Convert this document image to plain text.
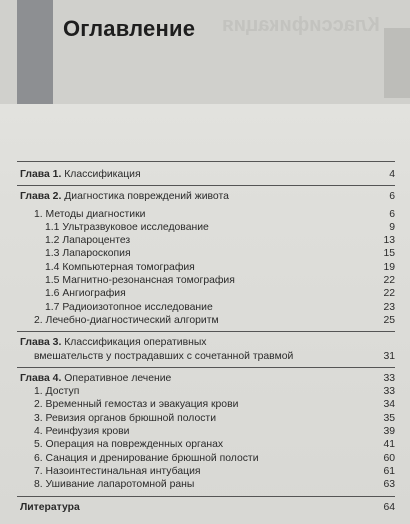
Оглавление Классификация
Глава 1. Классификация	4
Глава 2. Диагностика повреждений живота	6
1. Методы диагностики	6
1.1 Ультразвуковое исследование	9
1.2 Лапароцентез	13
1.3 Лапароскопия	15
1.4 Компьютерная томография	19
1.5 Магнитно-резонансная томография	22
1.6 Ангиография	22
1.7 Радиоизотопное исследование	23
2. Лечебно-диагностический алгоритм	25
Глава 3. Классификация оперативных
вмешательств у пострадавших с сочетанной травмой	31
Глава 4. Оперативное лечение	33
1. Доступ	33
2. Временный гемостаз и эвакуация крови	34
3. Ревизия органов брюшной полости	35
4. Реинфузия крови	39
5. Операция на поврежденных органах	41
6. Санация и дренирование брюшной полости	60
7. Назоинтестинальная интубация	61
8. Ушивание лапаротомной раны	63
Литература	64
